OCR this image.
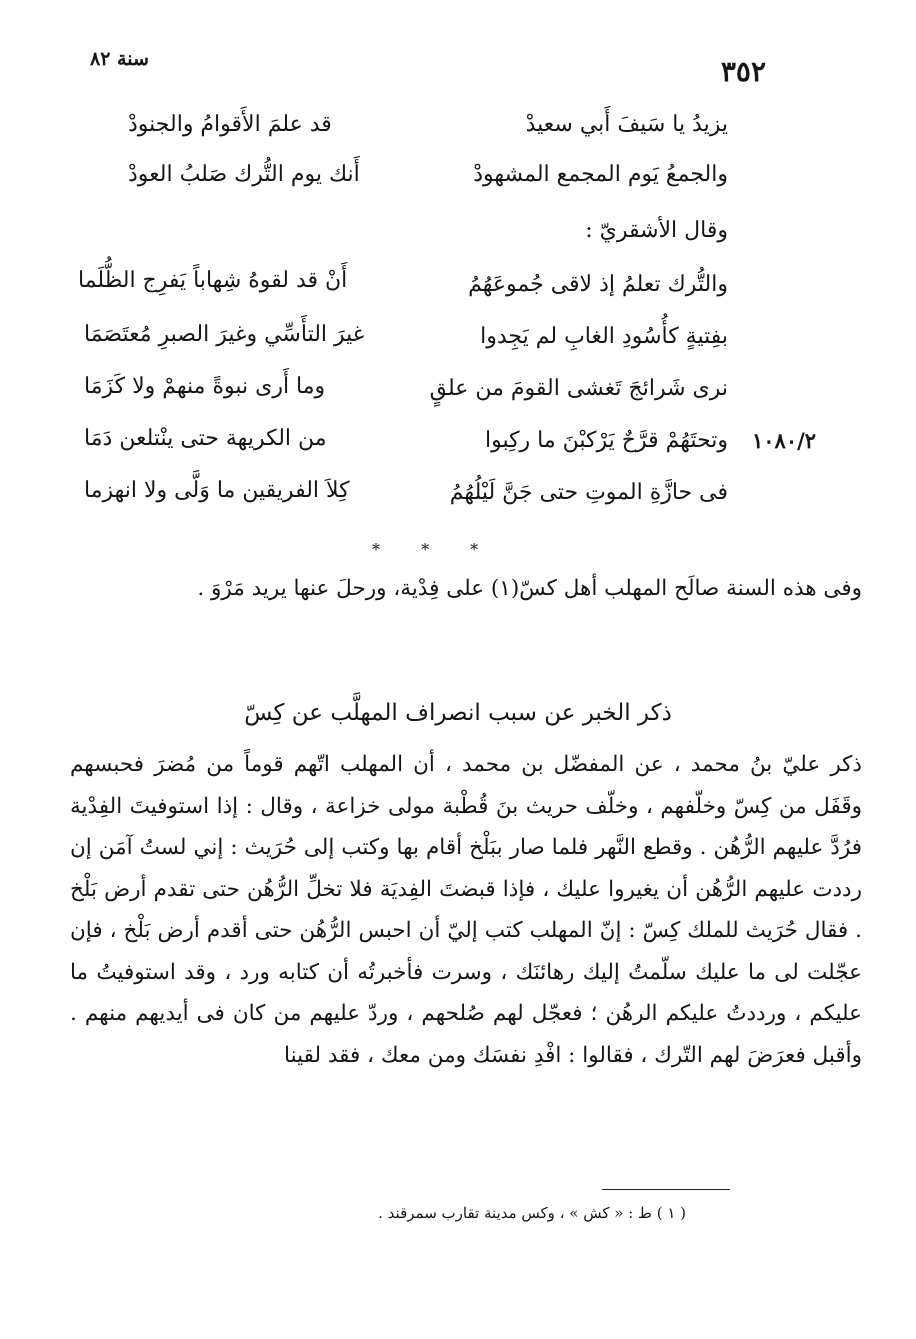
٣٥٢
سنة ٨٢
يزيدُ يا سَيفَ أَبي سعيدْ
قد علمَ الأَقوامُ والجنودْ
والجمعُ يَوم المجمع المشهودْ
أَنك يوم التُّرك صَلبُ العودْ
وقال الأشقريّ :
والتُّرك تعلمُ إذ لاقى جُموعَهُمُ
أَنْ قد لقوهُ شِهاباً يَفرِج الظُّلَما
بفِتيةٍ كأُسُودِ الغابِ لم يَجِدوا
غيرَ التأَسِّي وغيرَ الصبرِ مُعتَصَمَا
نرى شَرائجَ تَغشى القومَ من علقٍ
وما أَرى نبوةً منهمْ ولا كَزَمَا
وتحتَهُمْ قرَّحٌ يَرْكبْنَ ما ركِبوا
من الكريهة حتى ينْتلعن دَمَا
فى حازَّةِ الموتِ حتى جَنَّ لَيْلُهُمُ
كِلاَ الفريقين ما وَلَّى ولا انهزما
١٠٨٠/٢
* * *

وفى هذه السنة صالَح المهلب أهل كسّ(١) على فِدْية، ورحلَ عنها يريد مَرْوَ .

ذكر الخبر عن سبب انصراف المهلَّب عن كِسّ

ذكر عليّ بنُ محمد ، عن المفضّل بن محمد ، أن المهلب اتّهم قوماً من مُضرَ فحبسهم وقَفَل من كِسّ وخلّفهم ، وخلّف حريث بنَ قُطْبة مولى خزاعة ، وقال : إذا استوفيتَ الفِدْية فرُدَّ عليهم الرُّهُن . وقطع النَّهر فلما صار ببَلْخ أقام بها وكتب إلى حُرَيث : إني لستُ آمَن إن رددت عليهم الرُّهُن أن يغيروا عليك ، فإذا قبضتَ الفِديَة فلا تخلِّ الرُّهُن حتى تقدم أرض بَلْخ . فقال حُرَيث للملك كِسّ : إنّ المهلب كتب إليّ أن احبس الرُّهُن حتى أقدم أرض بَلْخ ، فإن عجّلت لى ما عليك سلّمتُ إليك رهائنَك ، وسرت فأخبرتُه أن كتابه ورد ، وقد استوفيتُ ما عليكم ، ورددتُ عليكم الرهُن ؛ فعجّل لهم صُلحهم ، وردّ عليهم من كان فى أيديهم منهم . وأقبل فعرَضَ لهم التّرك ، فقالوا : افْدِ نفسَك ومن معك ، فقد لقينا

( ١ ) ط : « كش » ، وكس مدينة تقارب سمرقند .
